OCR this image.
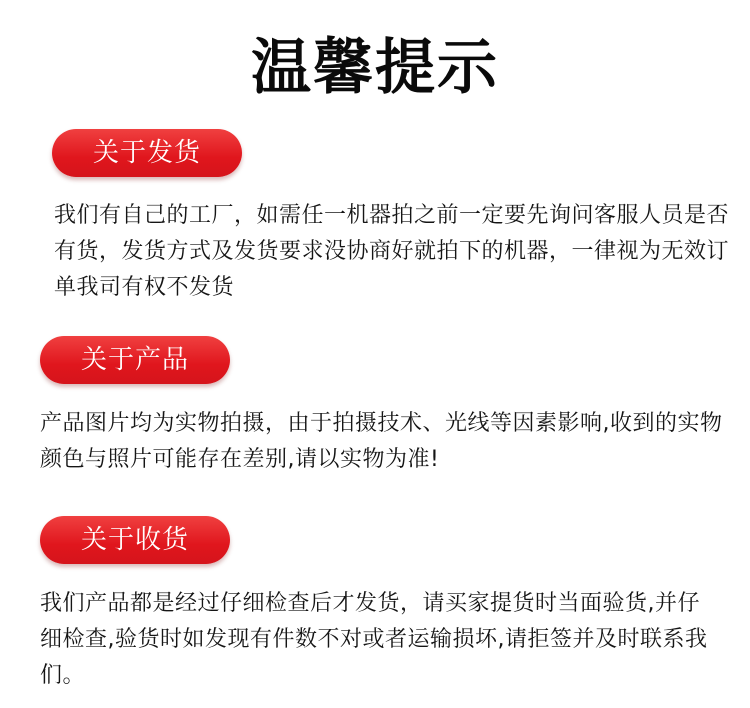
温馨提示
关于发货
我们有自己的工厂，如需任一机器拍之前一定要先询问客服人员是否
有货，发货方式及发货要求没协商好就拍下的机器，一律视为无效订
单我司有权不发货
关于产品
产品图片均为实物拍摄，由于拍摄技术、光线等因素影响,收到的实物
颜色与照片可能存在差别,请以实物为准!
关于收货
我们产品都是经过仔细检查后才发货，请买家提货时当面验货,并仔
细检查,验货时如发现有件数不对或者运输损坏,请拒签并及时联系我
们。
